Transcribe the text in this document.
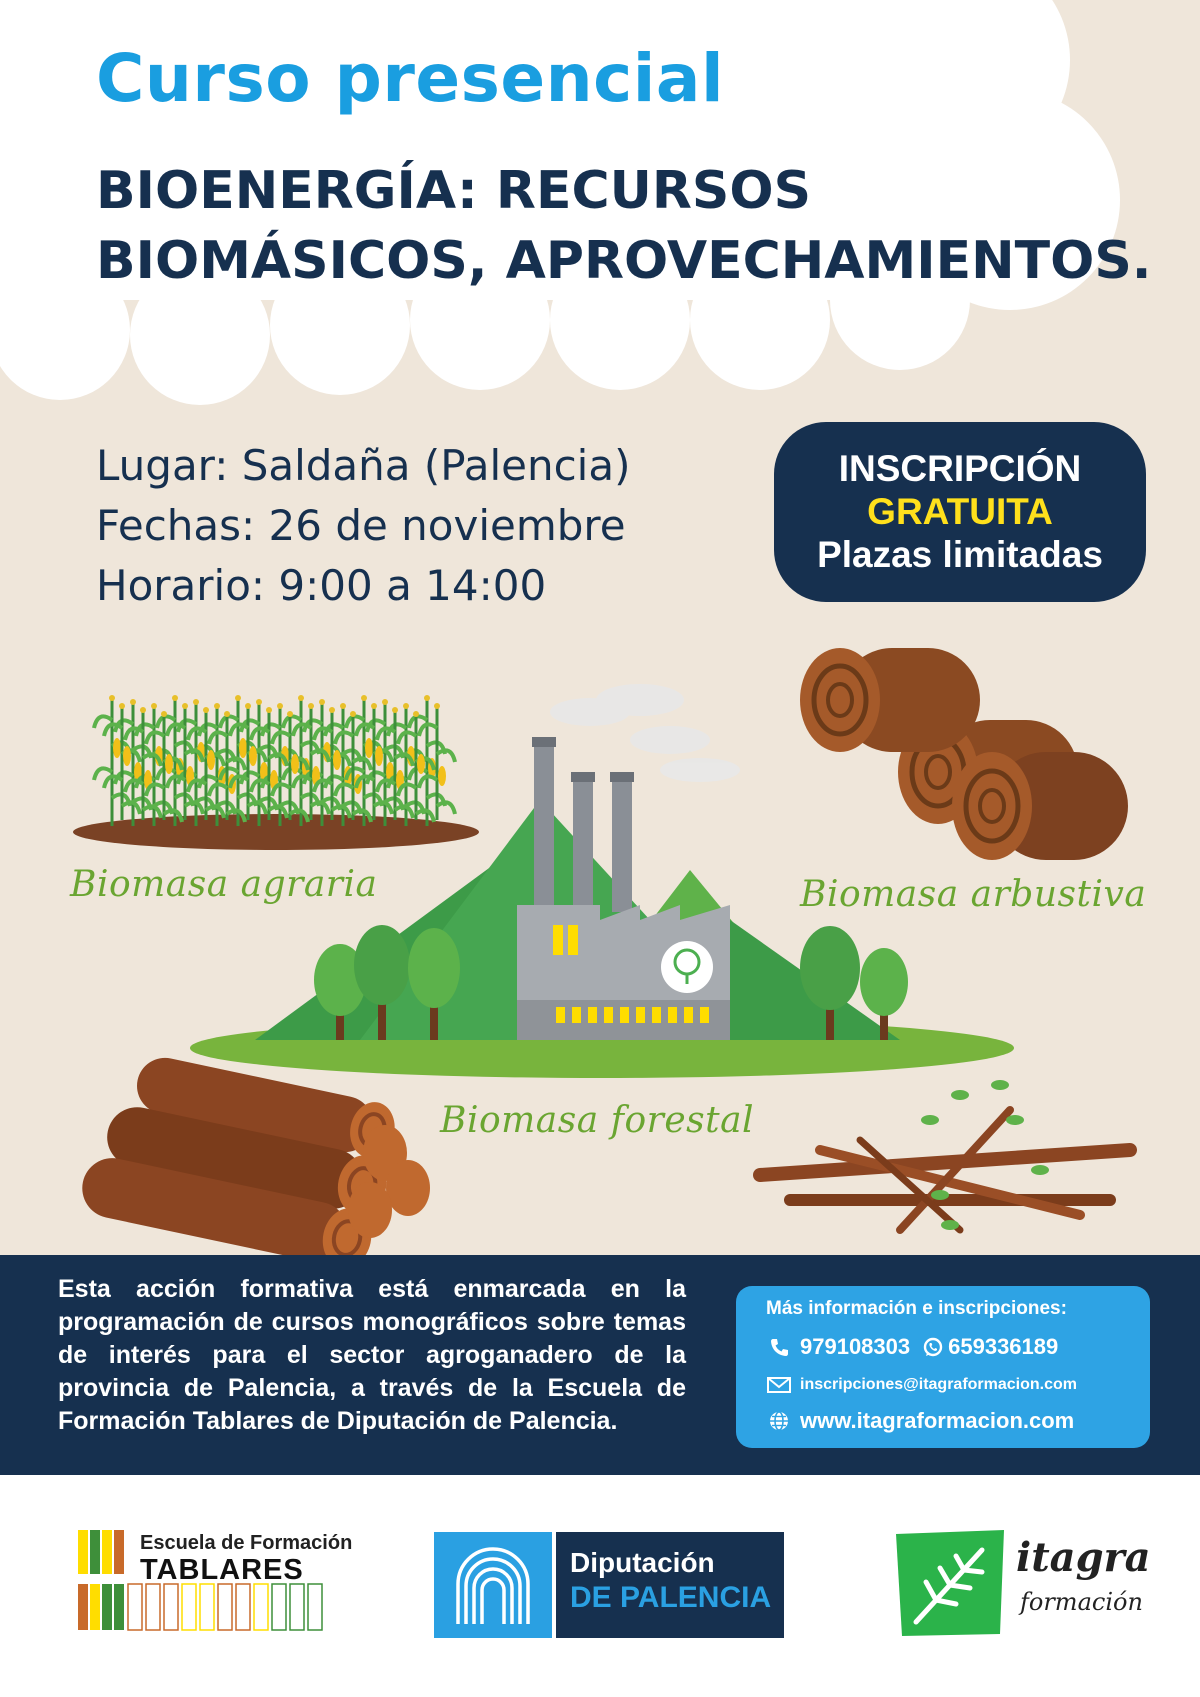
Curso presencial
BIOENERGÍA: RECURSOS
BIOMÁSICOS, APROVECHAMIENTOS.
Lugar: Saldaña (Palencia)
Fechas: 26 de noviembre
Horario: 9:00 a 14:00
INSCRIPCIÓN
GRATUITA
Plazas limitadas
Biomasa agraria	Biomasa arbustiva
Biomasa forestal

Esta acción formativa está enmarcada en la programación de cursos monográficos sobre temas de interés para el sector agroganadero de la provincia de Palencia, a través de la Escuela de Formación Tablares de Diputación de Palencia.

Más información e inscripciones:
979108303 659336189
inscripciones@itagraformacion.com
www.itagraformacion.com
Escuela de Formación
TABLARES	Diputación
DE PALENCIA
itagra
formación
